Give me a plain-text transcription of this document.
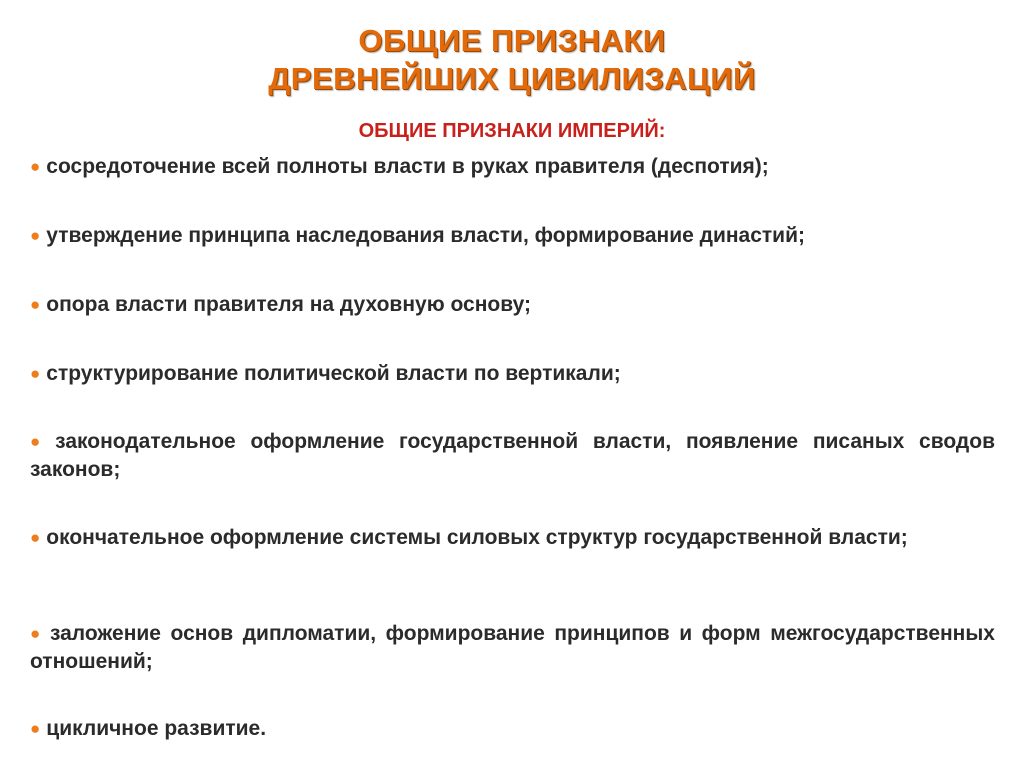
ОБЩИЕ ПРИЗНАКИ
ДРЕВНЕЙШИХ ЦИВИЛИЗАЦИЙ
ОБЩИЕ ПРИЗНАКИ ИМПЕРИЙ:
● сосредоточение всей полноты власти в руках правителя (деспотия);
● утверждение принципа наследования власти, формирование династий;
● опора власти правителя на духовную основу;
● структурирование политической власти по вертикали;
● законодательное оформление государственной власти, появление писаных сводов законов;
● окончательное оформление системы силовых структур государственной власти;
● заложение основ дипломатии, формирование принципов и форм межгосударственных отношений;
● цикличное развитие.
